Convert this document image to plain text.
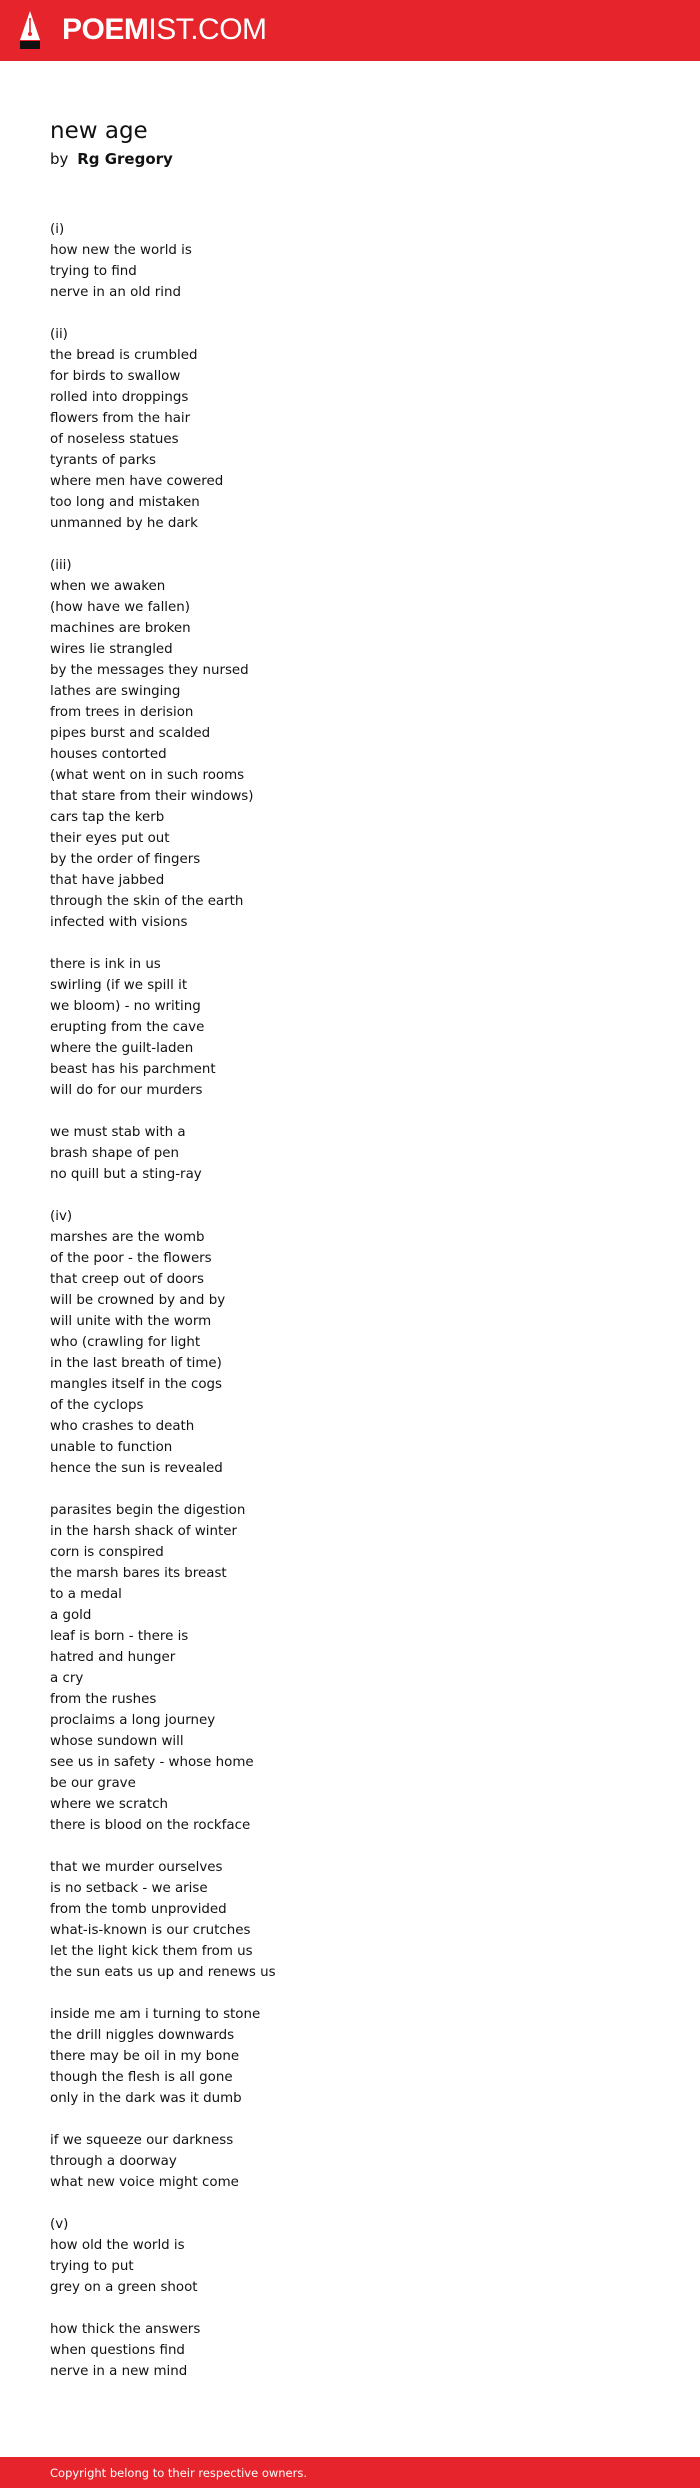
POEMIST.COM
new age
by Rg Gregory
(i)
how new the world is
trying to find
nerve in an old rind
(ii)
the bread is crumbled
for birds to swallow
rolled into droppings
flowers from the hair
of noseless statues
tyrants of parks
where men have cowered
too long and mistaken
unmanned by he dark
(iii)
when we awaken
(how have we fallen)
machines are broken
wires lie strangled
by the messages they nursed
lathes are swinging
from trees in derision
pipes burst and scalded
houses contorted
(what went on in such rooms
that stare from their windows)
cars tap the kerb
their eyes put out
by the order of fingers
that have jabbed
through the skin of the earth
infected with visions
there is ink in us
swirling (if we spill it
we bloom) - no writing
erupting from the cave
where the guilt-laden
beast has his parchment
will do for our murders
we must stab with a
brash shape of pen
no quill but a sting-ray
(iv)
marshes are the womb
of the poor - the flowers
that creep out of doors
will be crowned by and by
will unite with the worm
who (crawling for light
in the last breath of time)
mangles itself in the cogs
of the cyclops
who crashes to death
unable to function
hence the sun is revealed
parasites begin the digestion
in the harsh shack of winter
corn is conspired
the marsh bares its breast
to a medal
a gold
leaf is born - there is
hatred and hunger
a cry
from the rushes
proclaims a long journey
whose sundown will
see us in safety - whose home
be our grave
where we scratch
there is blood on the rockface
that we murder ourselves
is no setback - we arise
from the tomb unprovided
what-is-known is our crutches
let the light kick them from us
the sun eats us up and renews us
inside me am i turning to stone
the drill niggles downwards
there may be oil in my bone
though the flesh is all gone
only in the dark was it dumb
if we squeeze our darkness
through a doorway
what new voice might come
(v)
how old the world is
trying to put
grey on a green shoot
how thick the answers
when questions find
nerve in a new mind
Copyright belong to their respective owners.
